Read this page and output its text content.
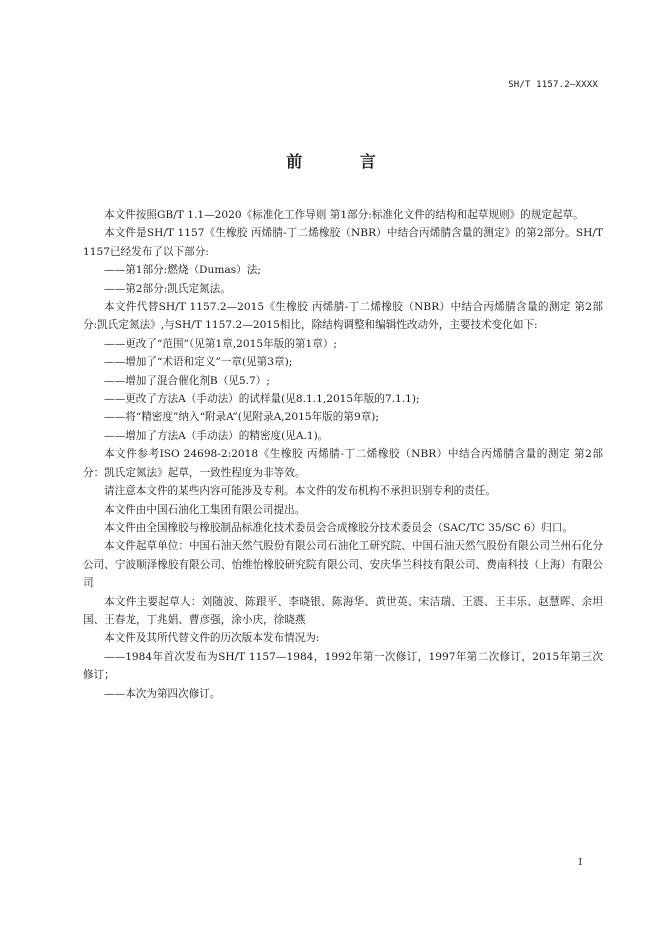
SH/T 1157.2—XXXX
前 言

本文件按照GB/T 1.1—2020《标准化工作导则 第1部分:标准化文件的结构和起草规则》的规定起草。

本文件是SH/T 1157《生橡胶 丙烯腈-丁二烯橡胶（NBR）中结合丙烯腈含量的测定》的第2部分。SH/T 1157已经发布了以下部分:

——第1部分:燃烧（Dumas）法;

——第2部分:凯氏定氮法。

本文件代替SH/T 1157.2—2015《生橡胶 丙烯腈-丁二烯橡胶（NBR）中结合丙烯腈含量的测定 第2部分:凯氏定氮法》,与SH/T 1157.2—2015相比，除结构调整和编辑性改动外，主要技术变化如下:

——更改了“范围”（见第1章,2015年版的第1章）;

——增加了“术语和定义”一章(见第3章);

——增加了混合催化剂B（见5.7）;

——更改了方法A（手动法）的试样量(见8.1.1,2015年版的7.1.1);

——将“精密度”纳入“附录A”(见附录A,2015年版的第9章);

——增加了方法A（手动法）的精密度(见A.1)。

本文件参考ISO 24698-2:2018《生橡胶 丙烯腈-丁二烯橡胶（NBR）中结合丙烯腈含量的测定 第2部分：凯氏定氮法》起草，一致性程度为非等效。

请注意本文件的某些内容可能涉及专利。本文件的发布机构不承担识别专利的责任。

本文件由中国石油化工集团有限公司提出。

本文件由全国橡胶与橡胶制品标准化技术委员会合成橡胶分技术委员会（SAC/TC 35/SC 6）归口。

本文件起草单位：中国石油天然气股份有限公司石油化工研究院、中国石油天然气股份有限公司兰州石化分公司、宁波顺泽橡胶有限公司、怡维怡橡胶研究院有限公司、安庆华兰科技有限公司、费南科技（上海）有限公司

本文件主要起草人：刘随波、陈跟平、李晓银、陈海华、黄世英、宋洁瑞、王震、王丰乐、赵慧晖、余坦国、王春龙，丁兆娟、曹彦强，涂小庆，徐晓燕

本文件及其所代替文件的历次版本发布情况为:

——1984年首次发布为SH/T 1157—1984，1992年第一次修订，1997年第二次修订，2015年第三次修订；

——本次为第四次修订。

I
